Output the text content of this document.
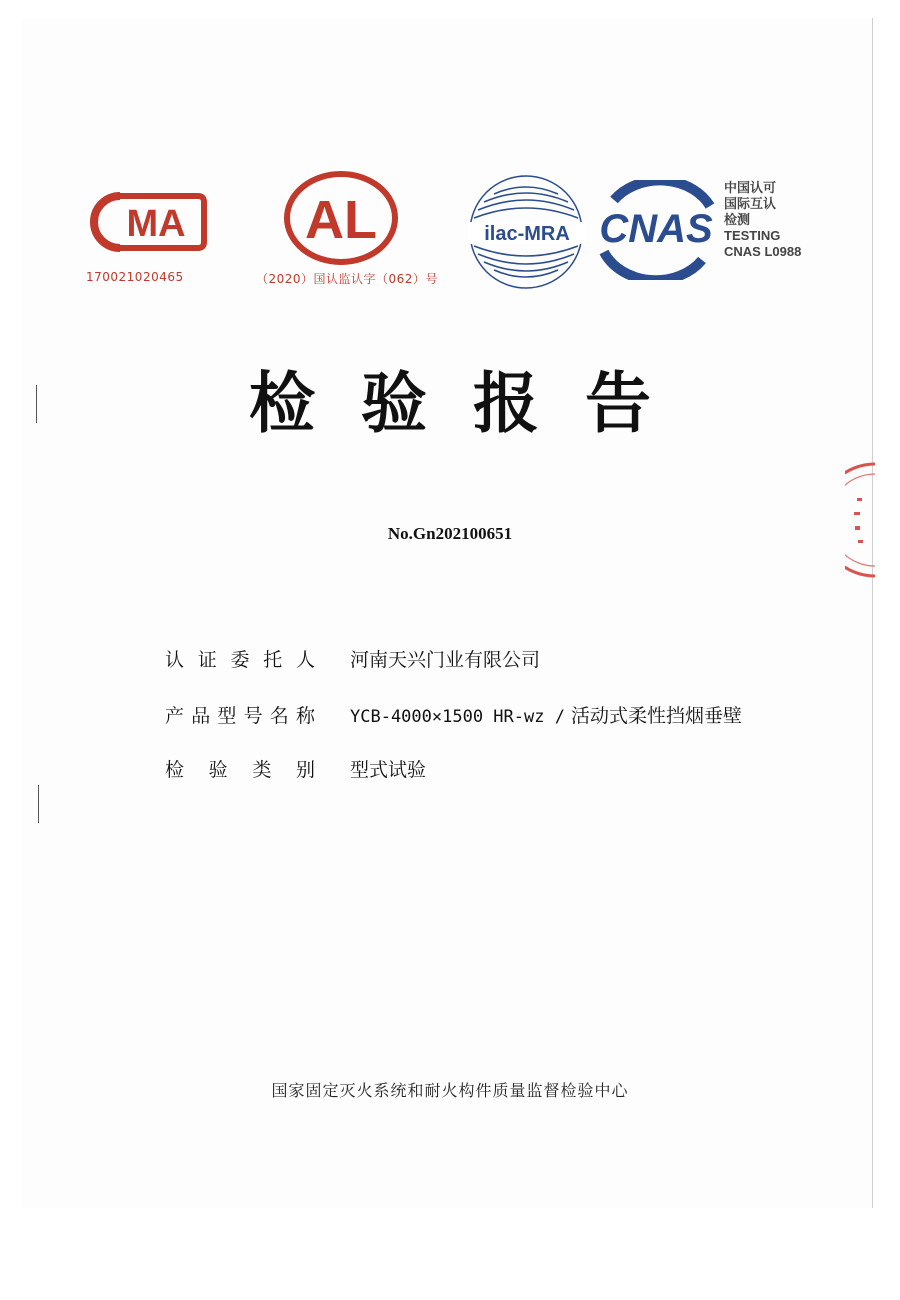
MA
170021020465
AL
（2020）国认监认字（062）号
ilac-MRA CNAS
中国认可
国际互认
检测
TESTING
CNAS L0988
检验报告
No.Gn202100651
认 证 委 托 人 河南天兴门业有限公司
产 品 型 号 名 称 YCB-4000×1500 HR-wz / 活动式柔性挡烟垂壁
检 验 类 别 型式试验
国家固定灭火系统和耐火构件质量监督检验中心
